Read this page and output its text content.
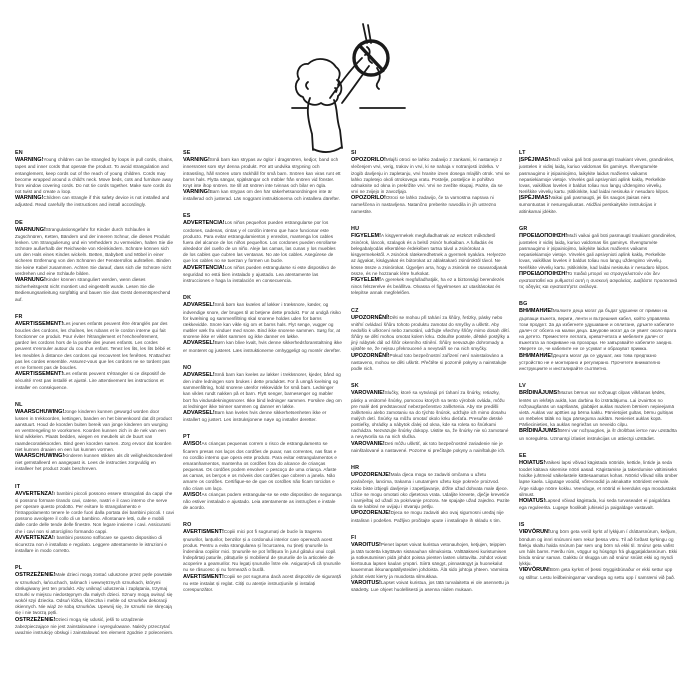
EN

WARNING!Young children can be strangled by loops in pull cords, chains, tapes and inner cords that operate the product. To avoid strangulation and entanglement, keep cords out of the reach of young children. Cords may become wrapped around a child's neck. Move beds, cots and furniture away from window covering cords. Do not tie cords together. Make sure cords do not twist and create a loop.

WARNING!Children can strangle if this safety device is not installed and adjusted. Read carefully the instructions and install accordingly.

DE

WARNUNG!Strangulationsgefahr für Kinder durch Schlaufen in Zugschnüren, Ketten, Bändern und der inneren Schnur, die dieses Produkt lenken. Um Strangulierung und ein Verheddern zu vermeiden, halten Sie die Schnüre außerhalb der Reichweite von Kleinkindern. Schnüre können sich um den Hals eines Kindes wickeln. Betten, Babybett und Möbel in einer sicheren Entfernung von den Schnüren der Fensterrollos aufstellen. Binden Sie keine Kabel zusammen. Achten Sie darauf, dass sich die Schnüre nicht verdrehen und eine Schlaufe bilden.

WARNUNG!Kinder können stranguliert werden, wenn dieses Sicherheitsgerät nicht montiert und eingestellt wurde. Lesen Sie die Bedienungsanleitung sorgfältig und bauen Sie das Gerät dementsprechend auf.

FR

AVERTISSEMENT!Les jeunes enfants peuvent être étranglés par des boucles des cordons, les chaînes, les rubans et le cordon interne qui fait fonctionner ce produit. Pour éviter l'étranglement et l'enchevêtrement, gardez les cordons hors de la portée des jeunes enfants. Les cordes peuvent s'enrouler autour du cou d'un enfant. Tenez les lits, les lits bébé et les meubles à distance des cordons qui recouvrent les fenêtres. N'attachez pas les cordes ensemble. Assurez-vous que les cordons ne se tordent pas et ne forment pas de boucles.

AVERTISSEMENT!Les enfants peuvent s'étrangler si ce dispositif de sécurité n'est pas installé et ajusté. Lire attentivement les instructions et installer en conséquence.

NL

WAARSCHUWING!Jonge kinderen kunnen gewurgd worden door lussen in trekkoorden, kettingen, banden en het binnenkoord dat dit product aanstuurt. Houd de koorden buiten bereik van jonge kinderen om wurging en verstrengeling te voorkomen. Koorden kunnen zich in de nek van een kind wikkelen. Plaats bedden, wiegen en meubels uit de buurt van raamdecoratiekoorden. Bind geen koorden samen. Zorg ervoor dat koorden niet kunnen draaien en een lus kunnen vormen.

WAARSCHUWING!Kinderen kunnen stikken als dit veiligheidsonderdeel niet geïnstalleerd en aangepast is. Lees de instructies zorgvuldig en installeer het product zoals beschreven.

IT

AVVERTENZA!I bambini piccoli possono essere strangolati da cappi che si possono formare tirando cavi, catene, nastri e il cavo interno che serve per operare questo prodotto. Per evitare lo strangolamento e l'intrappolamento tenere le corde fuori dalla portata dei bambini piccoli. I cavi possono avvolgere il collo di un bambino. Allontanare letti, culle e mobili dalle corde delle tende delle finestre. Non legare insieme i cavi. Assicurarsi che i cavi non si attorciglino formando cappi.

AVVERTENZA!I bambini possono soffocare se questo dispositivo di sicurezza non è installato e regolato. Leggere attentamente le istruzioni e installare in modo corretto.

PL

OSTRZEŻENIE!Małe dzieci mogą zostać uduszone przez pętle powstałe w sznurkach, łańcuchach, taśmach i wewnętrznych sznurkach, którymi obsługiwany jest ten produkt. Aby uniknąć uduszenia i zaplątania, trzymaj sznurki w miejscu niedostępnym dla małych dzieci. Sznury mogą owinąć się wokół szyi dziecka. Odsuń łóżka, łóżeczka i meble od sznurków dekoracji okiennych. Nie wiąż ze sobą sznurków. Upewnij się, że sznurki nie skręcają się i nie tworzą pętli.

OSTRZEŻENIE!Dzieci mogą się udusić, jeśli to urządzenie zabezpieczające nie jest zainstalowane i wyregulowane. Należy przeczytać uważnie instrukcję obsługi i zainstalować ten element zgodnie z poleceniem.

SE

VARNING!Små barn kan strypas av öglor i dragsnören, kedjor, band och innersnöret som styr denna produkt. För att undvika strypning och intrassling, håll snören utom räckhåll för små barn. Snören kan viras runt ett barns hals. Flytta sängar, spjälsängar och möbler från snören vid fönster. Knyt inte ihop snören. Se till att snören inte tvinnas och bilar en ögla.

VARNING!Barn kan strypas om den här säkerhetsanordningen inte är installerad och justerad. Läs noggrant instruktionerna och installera därefter.

ES

ADVERTENCIA!Los niños pequeños pueden estrangularse por los cordones, cadenas, cintas y el cordón interno que hace funcionar este producto. Para evitar estrangulamientos y enredos, mantenga los cables fuera del alcance de los niños pequeños. Los cordones pueden enrollarse alrededor del cuello de un niño. Aleje las camas, las cunas y los muebles de los cables que cubren las ventanas. No ate los cables. Asegúrese de que los cables no se tuerzan y formen un bucle.

ADVERTENCIA!Los niños pueden estrangularse si este dispositivo de seguridad no está bien instalado y ajustado. Lea atentamente las instrucciones e haga la instalación en consecuencia.

DK

ADVARSEL!Små børn kan kvæles af løkker i træksnore, kæder, og indvendige snore, der bruges til at betjene dette produkt. For at undgå risiko for kvælning og sammenfiltring skal snorene holdes uden for børns rækkevidde. Snore kan vikle sig om et barns hals. Flyt senge, vugger og møbler væk fra vinduer med snore. Bind ikke snorene sammen. Sørg for, at snorene ikke er viklet sammen og ikke danner en løkke.

ADVARSEL!Børn kan blive kvalt, hvis denne sikkerhedsforanstaltning ikke er monteret og justeret. Læs instruktionerne omhyggeligt og montér derefter.

NO

ADVARSEL!Små barn kan kveles av løkker i trekksnorer, kjeder, bånd og den indre ledningen som brukes i dette produktet. For å unngå kvelning og sammenfiltring, hold snorene utenfor rekkevidde for små barn. Ledninger kan vikles rundt nakken på et barn. Flytt senger, barnesenger og møbler bort fra vindusdekningssnorer. Ikke bind ledninger sammen. Forsikre deg om at ledninger ikke tvinner sammen og danner en løkke.

ADVARSEL!Barn kan kveles hvis denne sikkerhetsenheten ikke er installert og justert. Les instruksjonene nøye og installer deretter.

PT

AVISO!As crianças pequenas correm o risco de estrangulamento se ficarem presas nos laços dos cordões de puxar, nas correntes, nas fitas e no cordão interno que opera este produto. Para evitar estrangulamentos e emaranhamentos, mantenha os cordões fora do alcance de crianças pequenas. Os cordões podem envolver o pescoço de uma criança. Afaste as camas, os berços e os móveis dos cordões que cobrem a janela. Não amarre os cordões. Certifique-se de que os cordões não ficam torcidos e não criam um laço.

AVISO!As crianças podem estrangular-se se este dispositivo de segurança não estiver instalado e ajustado. Leia atentamente as instruções e instale de acordo.

RO

AVERTISMENT!Copiii mici pot fi sugrumați de bucle la tragerea șnururilor, lanțurilor, benzilor și a cordonului interior care operează acest produs. Pentru a evita strangularea și încurcarea, nu țineți șnururile la îndemâna copiilor mici. Șnururile se pot înfășura în jurul gâtului unui copil. Îndepărtați paturile, pătuțurile și mobilierul de șnururile de la articolele de acoperire a geamurilor. Nu legați șnururile între ele. Asigurați-vă că șnururile nu se răsucesc și nu formează o buclă.

AVERTISMENT!Copiii se pot sugruma dacă acest dispozitiv de siguranță nu este instalat și reglat. Citiți cu atenție instrucțiunile și instalați corespunzător.

SI

OPOZORILO!Mlajši otroci se lahko zadavijo z zankami, ki nastanejo z vlečenjem vrvi, verig, trakov in vrvi, ki se nahaja v notranjosti izdelka. V izogib davljenju in zapletanju, vrvi hranite izven dosega mlajših otrok. Vrvi se lahko zapletejo okoli otrokovega vratu. Postelje, posteljice in pohištvo odmaknite od okna in prekrižite vrvi. Vrvi ne zvežite skupaj. Pazite, da se vrvi ne zvijejo in zavozljajo.

OPOZORILO!Otroci se lahko zadavijo, če ta varnostna naprava ni nameščena in nastavljena. Natančno preberite navodila in jih ustrezno namestite.

HU

FIGYELEM!A kisgyermekek megfulladhatnak az eszközt működtető zsinórok, láncok, szalagok és a belső zsinór hurkaiban. A fulladás és belegabalyodás elkerülése érdekében tartsa távol a zsinórokat a kisgyermekektől. A zsinórok rátekeredhetnek a gyermek nyakára. Helyezze az ágyakat, kiságyakat és bútorokat az ablaktakaró zsinóroktól távol. Ne kösse össze a zsinórokat. Ügyeljen arra, hogy a zsinórok ne csavarodjanak össze, és ne hozzanak létre hurkokat.

FIGYELEM!A gyerekek megfulladhatják, ha ez a biztonsági berendezés nincs felszerelve és beállítva. Olvassa el figyelmesen az utasításokat és telepítse annak megfelelően.

CZ

UPOZORNĚNÍ!Děti se mohou při tahání za šňůry, řetízky, pásky nebo vnitřní ovládací šňůru tohoto produktu zamotat do smyčky a uškrtit. Aby nedošlo k uškrcení nebo zamotání, udržujte všechny šňůry mimo dosah dětí. Šňůry se dětí mohou omotat kolem krku. Odsuňte postele, dětské postýlky a jiný nábytek dál od šňůr okenního stínění. Šňůry nesvazujte dohromady a ujistěte se, že nejsou překroucené a nevytváří se na nich smyčky.

UPOZORNĚNÍ!Pokud toto bezpečnostní zařízení není nainstalováno a nastaveno, mohou se děti uškrtit. Přečtěte si pozorně pokyny a nainstalujte podle nich.

SK

VAROVANIE!Slučky, ktoré sa vytvárajú pri ťahaní za šnúrky, retiazky, pásky a vnútorné šnúrky, pomocou ktorých sa tento výrobok ovláda, môžu pre malé deti predstavovať nebezpečenstvo zaškrtenia. Aby ste predišli zaškrteniu alebo zamotaniu sa do týchto šnúrok, udržujte ich mimo dosahu malých detí. Šnúrky sa môžu omotať okolo krku dieťaťa. Presuňte detské postieľky, ohrádky a nábytok ďalej od okna, kde sa roleta so šnúrkami nachádza. Nezväzujte šnúrky dokopy. Uistite sa, že šnúrky nie sú zamotané a nevytvorila sa na nich slučka.

VAROVANIE!Deti môžu uškrtiť, ak toto bezpečnostné zariadenie nie je nainštalované a nastavené. Pozorne si prečítajte pokyny a nainštalujte ich.

HR

UPOZORENJE!Mala djeca mogu se zadaviti omčama u užetu povlačenje, lancima, trakama i unutarnjem užetu koje pokreće proizvod. Kako biste izbjegli davljenje i zapetljavanje, držite užad dohvata male djece. Užice se mogu omotati oko djetetova vrata. Udaljite krevete, dječje krevetiće i namještaj od užadi za pokrivanje prozora. Ne spajajte užad zajedno. Pazite da se kablovi ne uvijaju i stvaraju petlju.

UPOZORENJE!Djeca se mogu zadaviti ako ovaj sigurnosni uređaj nije instaliran i podešen. Pažljivo pročitajte upute i instalirajte ih skladu s tim.

FI

VAROITUS!Pienet lapset voivat kuristua vetonauhojen, ketjujen, teippien ja tätä tuotetta käyttävän sisänauhan silmukoista. Välttääksesi kuristumisen ja sotkeutumisen pidä johdot poissa pienten lasten ulottuvilta. Johdot voivat kiertoutua lapsen kaulan ympäri. Siirrä sängyt, pinnasängyt ja huonekalut kauemmas ikkunanpäällysteiden johdoista. Älä sido johtoja yhteen. Varmista johdot eivät kierry ja muodosta silmukkaa.

VAROITUS!Lapset voivat kuristua, jos tätä turvalaitetta ei ole asennettu ja säädetty. Lue ohjeet huolellisesti ja asenna niiden mukaan.

LT

ĮSPĖJIMAS!Maži vaikai gali būti pasmaugti traukiant virves, grandinėles, juosteles ir vidinį laidą, kuriuo valdomas šis gaminys. Išvengtumėte pasmaugimo ir įsipainiojimo, laikykite laidus mažiems vaikams nepasiekiamoje vietoje. Virvelės gali apsivynioti aplink kaklą. Perkelkite lovas, vaikiškas loveles ir baldus toliau nuo langų uždengimo virvelių. Neriškite virvelių kartu. Įsitikinkite, kad laidai nesisuka ir nesudaro kilpos.

ĮSPĖJIMAS!Vaikai gali pasmaugti, jei šis saugos įtaisas nėra sumontuotas ir nesureguliuotas. Atidžiai perskaitykite instrukcijas ir atitinkamai įdėkite.

GR

ΠΡΟΕΙΔΟΠΟΙΗΣΗ!Maži vaikai gali būti pasmaugti traukiant grandinėles, juosteles ir vidinį laidą, kuriuo valdomas šis gaminys. Išvengtumėte pasmaugimo ir įsipainiojimo, laikykite laidus mažiems vaikams nepasiekiamoje vietoje. Virvelės gali apsivynioti aplink kaklą. Perkelkite lovas, vaikiškas loveles ir baldus toliau nuo langų uždengimo virvelių. Neriškite virvelių kartu. Įsitikinkite, kad laidai nesisuka ir nesudaro kilpos.

ΠΡΟΕΙΔΟΠΟΙΗΣΗ!Τα παιδιά μπορεί να στραγγαλιστούν εάν δεν εγκατασταθεί και ρυθμιστεί αυτή η συσκευή ασφαλείας. Διαβάστε προσεκτικά τις οδηγίες και εγκαταστήστε ανάλογα.

BG

ВНИМАНИЕ!Малките деца могат да бъдат удушени от примки на дърпащи въжета, вериги, ленти и вътрешния кабел, който управлява този продукт. За да избегнете удушаване и оплитане, дръжте кабелите далеч от обсега на малки деца. Шнурове могат да се увият около врата на детето. Преместете леглата, креватчетата и мебелите далеч от въжетата за покриване на прозорци. Не завързвайте кабелите заедно. Уверете се, че кабелите не се усукват и образуват примка.

ВНИМАНИЕ!Децата могат да се удушат, ако това предпазно устройство не е монтирано и регулирано. Прочетете внимателно инструкциите и инсталирайте съответно.

LV

BRĪDINĀJUMS!Mazus bērnus var nožņaugt cilpas vilkšanas ķēdēs, lentēs un iekšējā auklā, kas darbina šo izstrādājumu. Lai izvairītos no nožņaugšanās un sapīšanās, glabājiet auklas maziem bērniem nepieejamā vietā. Auklas var aptīties ap bērna kaklu. Pārvietojiet gultas, bērnu gultiņas un mēbeles tālāk no logu pārseguma auklām. Nesieniet auklas kopā. Pārliecinieties, ka auklas negriežas un neveido cilpu.

BRĪDINĀJUMS!Bērni var nožņaugties, ja šī drošības ierīce nav uzstādīta un noregulēta. Uzmanīgi izlasiet instrukcijas un attiecīgi uzstādiet.

EE

HOIATUS!Väikesi lapsi võivad kägistada nööride, kettide, lintide ja seda toodet käitava sisemise nööri aasad. Kägistamise ja takerdumise vältimiseks hoidke juhtmeid väikelastele kättesaamatus kohas. Nöörid võivad silla ümber lapse kaela. Liigutage voodid, võrevoodid ja aknakatte nööridest eemale. Ärge siduge nööre kokku. Veenduge, et nöörid ei keerduks ega moodustaks silmust.

HOIATUS!Lapsed võivad kägistada, kui seda turvaseadet ei paigaldata ega reguleerita. Lugege hoolikalt juhiseid ja paigaldage vastavalt.

IS

VIÐVÖRUN!Ung börn geta verið kyrkt af lykkjum í dráttarsnúrum, keðjum, böndum og innri snúrunni sem rekur þessa vöru. Til að forðast kyrkingu og flækju skaltu halda snúrum þar sem ung börn ná ekki til. Snúrur geta vafist um háls barns. Færðu rúm, vöggur og húsgögn frá gluggatjaldasnúrum. Ekki binda snúrur saman. Gakktu úr skugga um að snúrur snúist ekki og myndi lykkju.

VIÐVÖRUN!Börn geta kyrkst ef þessi öryggisbúnaður er ekki settur upp og stilltur. Lestu leiðbeiningarnar vandlega og settu upp í samræmi við það.
